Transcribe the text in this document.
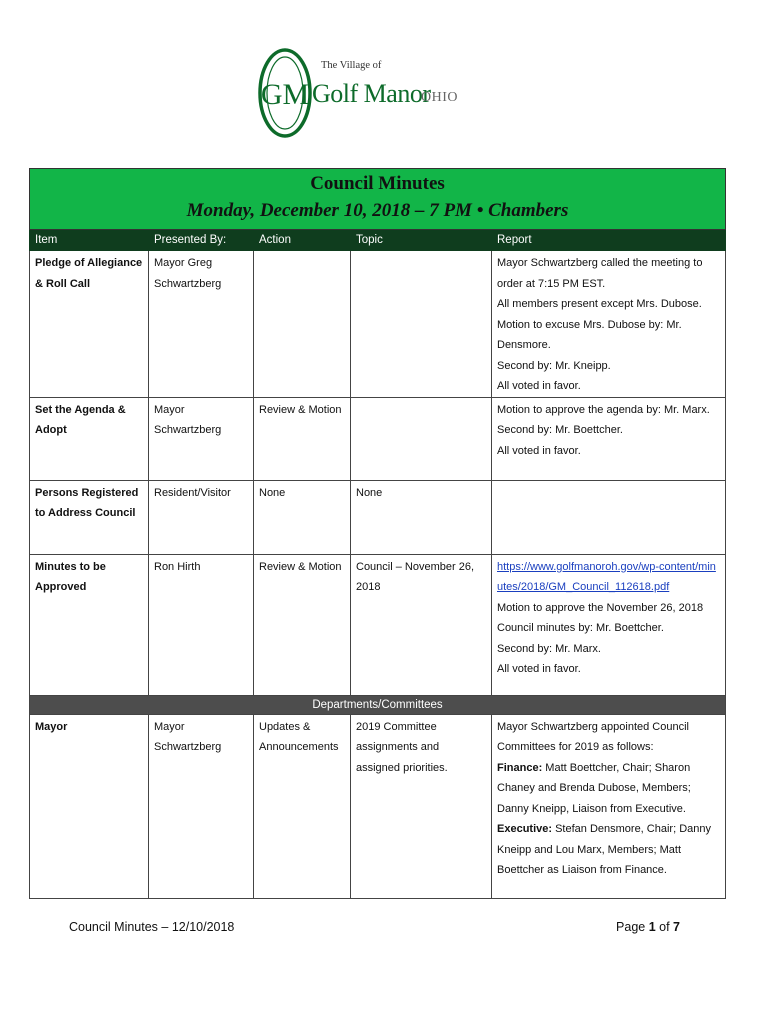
GM
The Village of
Golf Manor
OHIO
Council Minutes
Monday, December 10, 2018 – 7 PM • Chambers
Item	Presented By:	Action	Topic	Report
Pledge of Allegiance & Roll Call	Mayor Greg Schwartzberg			Mayor Schwartzberg called the meeting to order at 7:15 PM EST.
All members present except Mrs. Dubose.
Motion to excuse Mrs. Dubose by: Mr. Densmore.
Second by: Mr. Kneipp.
All voted in favor.

Set the Agenda & Adopt	Mayor Schwartzberg	Review & Motion		Motion to approve the agenda by: Mr. Marx.
Second by: Mr. Boettcher.
All voted in favor.

Persons Registered to Address Council	Resident/Visitor	None	None	
Minutes to be Approved	Ron Hirth	Review & Motion	Council – November 26, 2018	https://www.golfmanoroh.gov/wp-content/minutes/2018/GM_Council_112618.pdf
Motion to approve the November 26, 2018 Council minutes by: Mr. Boettcher.
Second by: Mr. Marx.
All voted in favor.

Departments/Committees				
Mayor	Mayor Schwartzberg	Updates & Announcements	2019 Committee assignments and assigned priorities.	Mayor Schwartzberg appointed Council Committees for 2019 as follows:
Finance: Matt Boettcher, Chair; Sharon Chaney and Brenda Dubose, Members; Danny Kneipp, Liaison from Executive.
Executive: Stefan Densmore, Chair; Danny Kneipp and Lou Marx, Members; Matt Boettcher as Liaison from Finance.
Council Minutes – 12/10/2018	Page 1 of 7
